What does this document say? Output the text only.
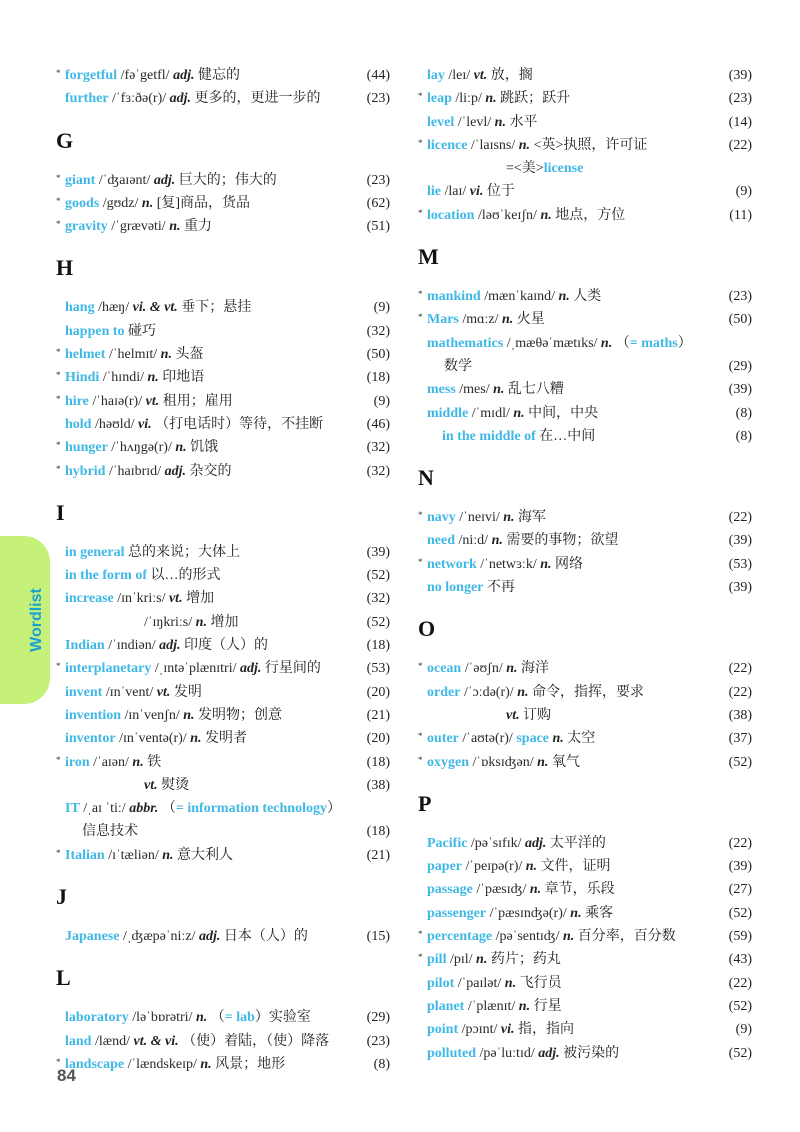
* forgetful /fəˈgetfl/ adj. 健忘的	(44)
further /ˈfɜːðə(r)/ adj. 更多的，更进一步的	(23)
G
* giant /ˈʤaɪənt/ adj. 巨大的；伟大的	(23)
* goods /gʊdz/ n. [复]商品，货品	(62)
* gravity /ˈgrævəti/ n. 重力	(51)
H
hang /hæŋ/ vi. & vt. 垂下；悬挂	(9)
happen to 碰巧	(32)
* helmet /ˈhelmɪt/ n. 头盔	(50)
* Hindi /ˈhɪndi/ n. 印地语	(18)
* hire /ˈhaɪə(r)/ vt. 租用；雇用	(9)
hold /həʊld/ vi. （打电话时）等待，不挂断	(46)
* hunger /ˈhʌŋgə(r)/ n. 饥饿	(32)
* hybrid /ˈhaɪbrɪd/ adj. 杂交的	(32)
I
in general 总的来说；大体上	(39)
in the form of 以…的形式	(52)
increase /ɪnˈkriːs/ vt. 增加	(32)
/ˈɪŋkriːs/ n. 增加	(52)
Indian /ˈɪndiən/ adj. 印度（人）的	(18)
* interplanetary /ˌɪntəˈplænɪtri/ adj. 行星间的	(53)
invent /ɪnˈvent/ vt. 发明	(20)
invention /ɪnˈvenʃn/ n. 发明物；创意	(21)
inventor /ɪnˈventə(r)/ n. 发明者	(20)
* iron /ˈaɪən/ n. 铁	(18)
vt. 熨烫	(38)
IT /ˌaɪ ˈtiː/ abbr. （= information technology）
信息技术	(18)
* Italian /ɪˈtæliən/ n. 意大利人	(21)
J
Japanese /ˌʤæpəˈniːz/ adj. 日本（人）的	(15)
L
laboratory /ləˈbɒrətri/ n. （= lab）实验室	(29)
land /lænd/ vt. & vi. （使）着陆，（使）降落	(23)
* landscape /ˈlændskeɪp/ n. 风景；地形	(8)
lay /leɪ/ vt. 放，搁	(39)
* leap /liːp/ n. 跳跃；跃升	(23)
level /ˈlevl/ n. 水平	(14)
* licence /ˈlaɪsns/ n. <英>执照，许可证	(22)
=<美>license
lie /laɪ/ vi. 位于	(9)
* location /ləʊˈkeɪʃn/ n. 地点，方位	(11)
M
* mankind /mænˈkaɪnd/ n. 人类	(23)
* Mars /mɑːz/ n. 火星	(50)
mathematics /ˌmæθəˈmætɪks/ n. （= maths）
数学	(29)
mess /mes/ n. 乱七八糟	(39)
middle /ˈmɪdl/ n. 中间，中央	(8)
in the middle of 在…中间	(8)
N
* navy /ˈneɪvi/ n. 海军	(22)
need /niːd/ n. 需要的事物；欲望	(39)
* network /ˈnetwɜːk/ n. 网络	(53)
no longer 不再	(39)
O
* ocean /ˈəʊʃn/ n. 海洋	(22)
order /ˈɔːdə(r)/ n. 命令，指挥，要求	(22)
vt. 订购	(38)
* outer /ˈaʊtə(r)/ space n. 太空	(37)
* oxygen /ˈɒksɪʤən/ n. 氧气	(52)
P
Pacific /pəˈsɪfɪk/ adj. 太平洋的	(22)
paper /ˈpeɪpə(r)/ n. 文件，证明	(39)
passage /ˈpæsɪʤ/ n. 章节，乐段	(27)
passenger /ˈpæsɪnʤə(r)/ n. 乘客	(52)
* percentage /pəˈsentɪʤ/ n. 百分率，百分数	(59)
* pill /pɪl/ n. 药片；药丸	(43)
pilot /ˈpaɪlət/ n. 飞行员	(22)
planet /ˈplænɪt/ n. 行星	(52)
point /pɔɪnt/ vi. 指，指向	(9)
polluted /pəˈluːtɪd/ adj. 被污染的	(52)
Wordlist
84
